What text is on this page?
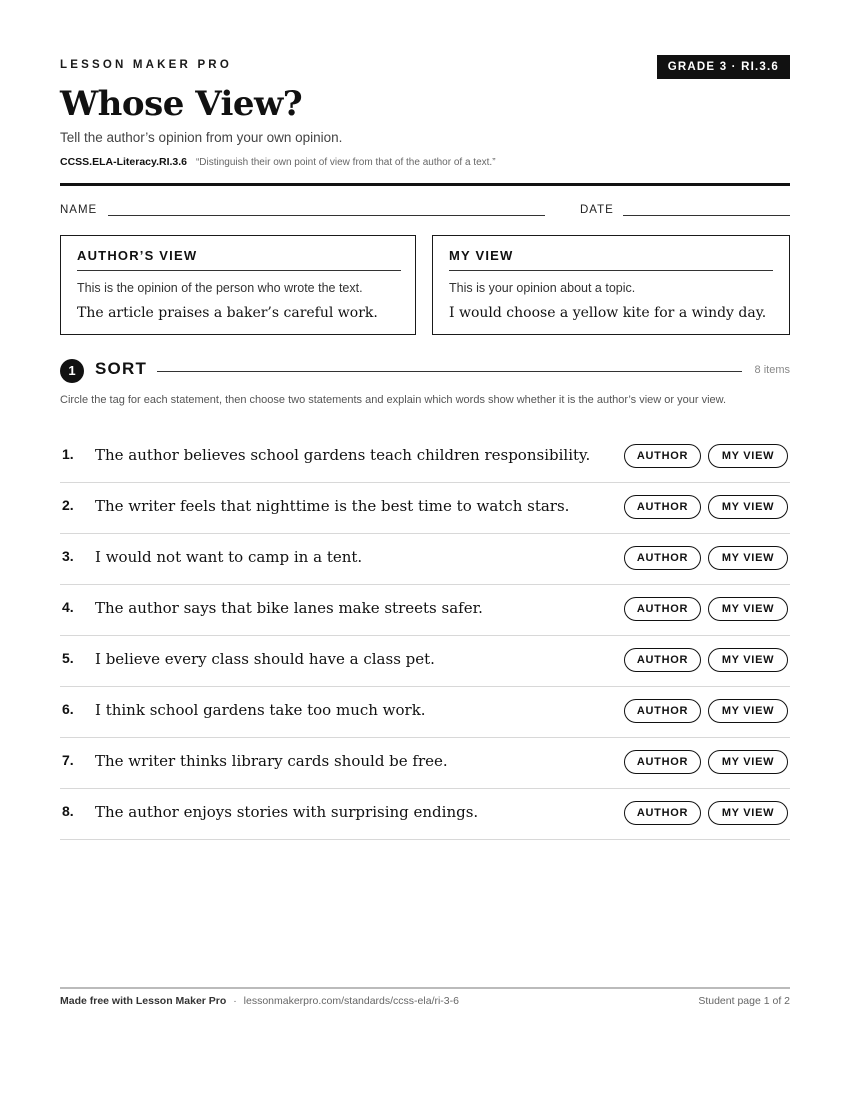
LESSON MAKER PRO	GRADE 3 · RI.3.6
Whose View?
Tell the author’s opinion from your own opinion.
CCSS.ELA-Literacy.RI.3.6 “Distinguish their own point of view from that of the author of a text.”
NAME	DATE
AUTHOR’S VIEW
This is the opinion of the person who wrote the text.
The article praises a baker’s careful work.
MY VIEW
This is your opinion about a topic.
I would choose a yellow kite for a windy day.
1	SORT	8 items
Circle the tag for each statement, then choose two statements and explain which words show whether it is the author’s view or your view.
1. The author believes school gardens teach children responsibility.	AUTHOR	MY VIEW
2. The writer feels that nighttime is the best time to watch stars.	AUTHOR	MY VIEW
3. I would not want to camp in a tent.	AUTHOR	MY VIEW
4. The author says that bike lanes make streets safer.	AUTHOR	MY VIEW
5. I believe every class should have a class pet.	AUTHOR	MY VIEW
6. I think school gardens take too much work.	AUTHOR	MY VIEW
7. The writer thinks library cards should be free.	AUTHOR	MY VIEW
8. The author enjoys stories with surprising endings.	AUTHOR	MY VIEW
Made free with Lesson Maker Pro · lessonmakerpro.com/standards/ccss-ela/ri-3-6	Student page 1 of 2
